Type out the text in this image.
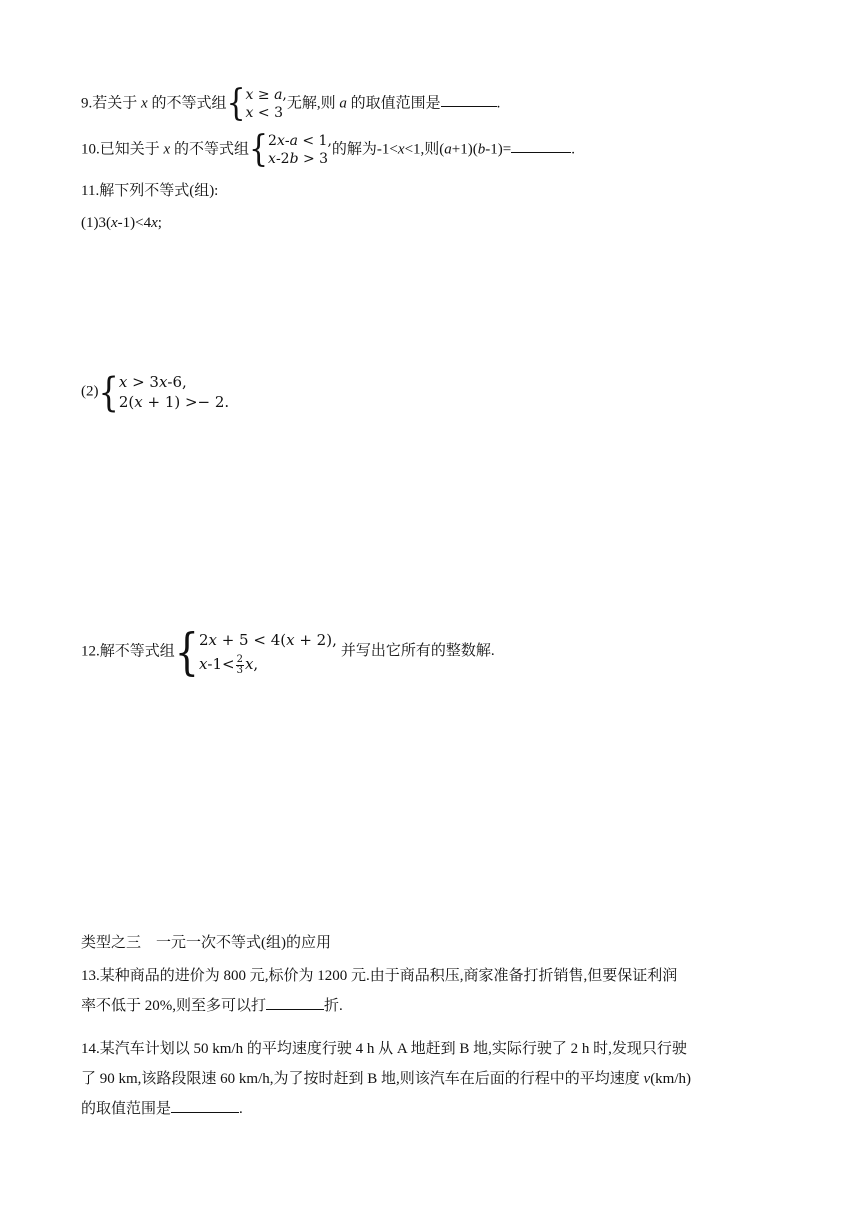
9.若关于 x 的不等式组 { 𝑥 ≥ 𝑎,
𝑥 < 3
无解,则 a 的取值范围是	.
10.已知关于 x 的不等式组 { 2𝑥-𝑎 < 1,
𝑥-2𝑏 > 3
的解为-1<x<1,则(a+1)(b-1)=	.
11.解下列不等式(组):
(1)3(x-1)<4x;
(2) { 𝑥 > 3𝑥-6,
2(𝑥 + 1) >− 2.
12.解不等式组 { 2𝑥 + 5 < 4(𝑥 + 2),
𝑥-1< $\frac{2}{3}$ 𝑥,
并写出它所有的整数解.
类型之三　一元一次不等式(组)的应用
13.某种商品的进价为 800 元,标价为 1200 元.由于商品积压,商家准备打折销售,但要保证利润
率不低于 20%,则至多可以打	折.
14.某汽车计划以 50 km/h 的平均速度行驶 4 h 从 A 地赶到 B 地,实际行驶了 2 h 时,发现只行驶
了 90 km,该路段限速 60 km/h,为了按时赶到 B 地,则该汽车在后面的行程中的平均速度 v(km/h)
的取值范围是	.
